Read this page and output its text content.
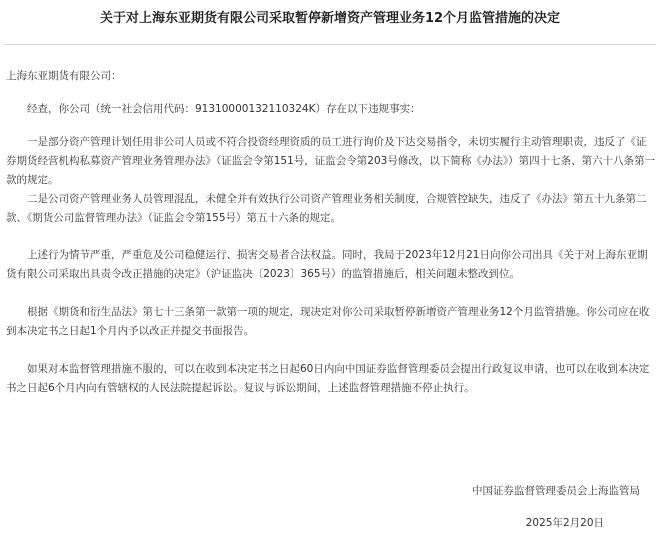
关于对上海东亚期货有限公司采取暂停新增资产管理业务12个月监管措施的决定

上海东亚期货有限公司：

经查，你公司（统一社会信用代码：91310000132110324K）存在以下违规事实：

一是部分资产管理计划任用非公司人员或不符合投资经理资质的员工进行询价及下达交易指令，未切实履行主动管理职责，违反了《证券期货经营机构私募资产管理业务管理办法》（证监会令第151号，证监会令第203号修改，以下简称《办法》）第四十七条、第六十八条第一款的规定。

二是公司资产管理业务人员管理混乱，未健全并有效执行公司资产管理业务相关制度，合规管控缺失，违反了《办法》第五十九条第二款、《期货公司监督管理办法》（证监会令第155号）第五十六条的规定。

上述行为情节严重，严重危及公司稳健运行、损害交易者合法权益。同时，我局于2023年12月21日向你公司出具《关于对上海东亚期货有限公司采取出具责令改正措施的决定》（沪证监决〔2023〕365号）的监管措施后，相关问题未整改到位。

根据《期货和衍生品法》第七十三条第一款第一项的规定，现决定对你公司采取暂停新增资产管理业务12个月监管措施。你公司应在收到本决定书之日起1个月内予以改正并提交书面报告。

如果对本监督管理措施不服的，可以在收到本决定书之日起60日内向中国证券监督管理委员会提出行政复议申请，也可以在收到本决定书之日起6个月内向有管辖权的人民法院提起诉讼。复议与诉讼期间，上述监督管理措施不停止执行。

中国证券监督管理委员会上海监管局
2025年2月20日
